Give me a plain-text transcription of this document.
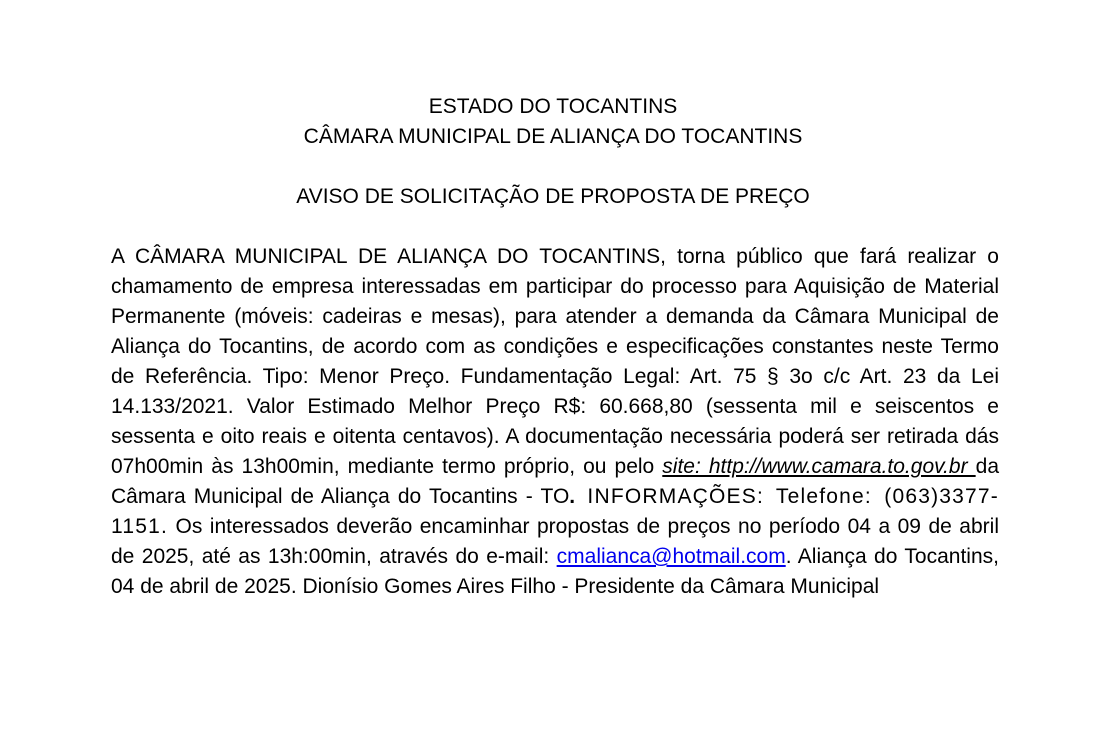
ESTADO DO TOCANTINS
CÂMARA MUNICIPAL DE ALIANÇA DO TOCANTINS
AVISO DE SOLICITAÇÃO DE PROPOSTA DE PREÇO

A CÂMARA MUNICIPAL DE ALIANÇA DO TOCANTINS, torna público que fará realizar o chamamento de empresa interessadas em participar do processo para Aquisição de Material Permanente (móveis: cadeiras e mesas), para atender a demanda da Câmara Municipal de Aliança do Tocantins, de acordo com as condições e especificações constantes neste Termo de Referência. Tipo: Menor Preço. Fundamentação Legal: Art. 75 § 3o c/c Art. 23 da Lei 14.133/2021. Valor Estimado Melhor Preço R$: 60.668,80 (sessenta mil e seiscentos e sessenta e oito reais e oitenta centavos). A documentação necessária poderá ser retirada dás 07h00min às 13h00min, mediante termo próprio, ou pelo site: http://www.camara.to.gov.br da Câmara Municipal de Aliança do Tocantins - TO. INFORMAÇÕES: Telefone: (063)3377-1151. Os interessados deverão encaminhar propostas de preços no período 04 a 09 de abril de 2025, até as 13h:00min, através do e-mail: cmalianca@hotmail.com. Aliança do Tocantins, 04 de abril de 2025. Dionísio Gomes Aires Filho - Presidente da Câmara Municipal
